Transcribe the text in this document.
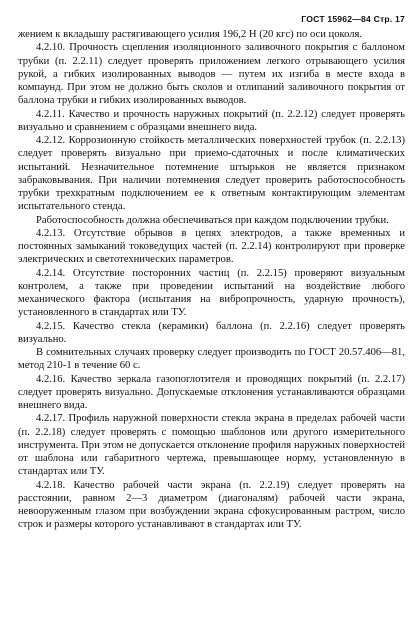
ГОСТ 15962—84 Стр. 17

жением к вкладышу растягивающего усилия 196,2 Н (20 кгс) по оси цоколя.

4.2.10. Прочность сцепления изоляционного заливочного покрытия с баллоном трубки (п. 2.2.11) следует проверять приложением легкого отрывающего усилия рукой, а гибких изолированных выводов — путем их изгиба в месте входа в компаунд. При этом не должно быть сколов и отлипаний заливочного покрытия от баллона трубки и гибких изолированных выводов.

4.2.11. Качество и прочность наружных покрытий (п. 2.2.12) следует проверять визуально и сравнением с образцами внешнего вида.

4.2.12. Коррозионную стойкость металлических поверхностей трубок (п. 2.2.13) следует проверять визуально при приемо-сдаточных и после климатических испытаний. Незначительное потемнение штырьков не является признаком забраковывания. При наличии потемнения следует проверить работоспособность трубки трехкратным подключением ее к ответным контактирующим элементам испытательного стенда.

Работоспособность должна обеспечиваться при каждом подключении трубки.

4.2.13. Отсутствие обрывов в цепях электродов, а также временных и постоянных замыканий токоведущих частей (п. 2.2.14) контролируют при проверке электрических и светотехнических параметров.

4.2.14. Отсутствие посторонних частиц (п. 2.2.15) проверяют визуальным контролем, а также при проведении испытаний на воздействие любого механического фактора (испытания на вибропрочность, ударную прочность), установленного в стандартах или ТУ.

4.2.15. Качество стекла (керамики) баллона (п. 2.2.16) следует проверять визуально.

В сомнительных случаях проверку следует производить по ГОСТ 20.57.406—81, метод 210-1 в течение 60 с.

4.2.16. Качество зеркала газопоглотителя и проводящих покрытий (п. 2.2.17) следует проверять визуально. Допускаемые отклонения устанавливаются образцами внешнего вида.

4.2.17. Профиль наружной поверхности стекла экрана в пределах рабочей части (п. 2.2.18) следует проверять с помощью шаблонов или другого измерительного инструмента. При этом не допускается отклонение профиля наружных поверхностей от шаблона или габаритного чертежа, превышающее норму, установленную в стандартах или ТУ.

4.2.18. Качество рабочей части экрана (п. 2.2.19) следует проверять на расстоянии, равном 2—3 диаметром (диагоналям) рабочей части экрана, невооруженным глазом при возбуждении экрана сфокусированным растром, число строк и размеры которого устанавливают в стандартах или ТУ.
